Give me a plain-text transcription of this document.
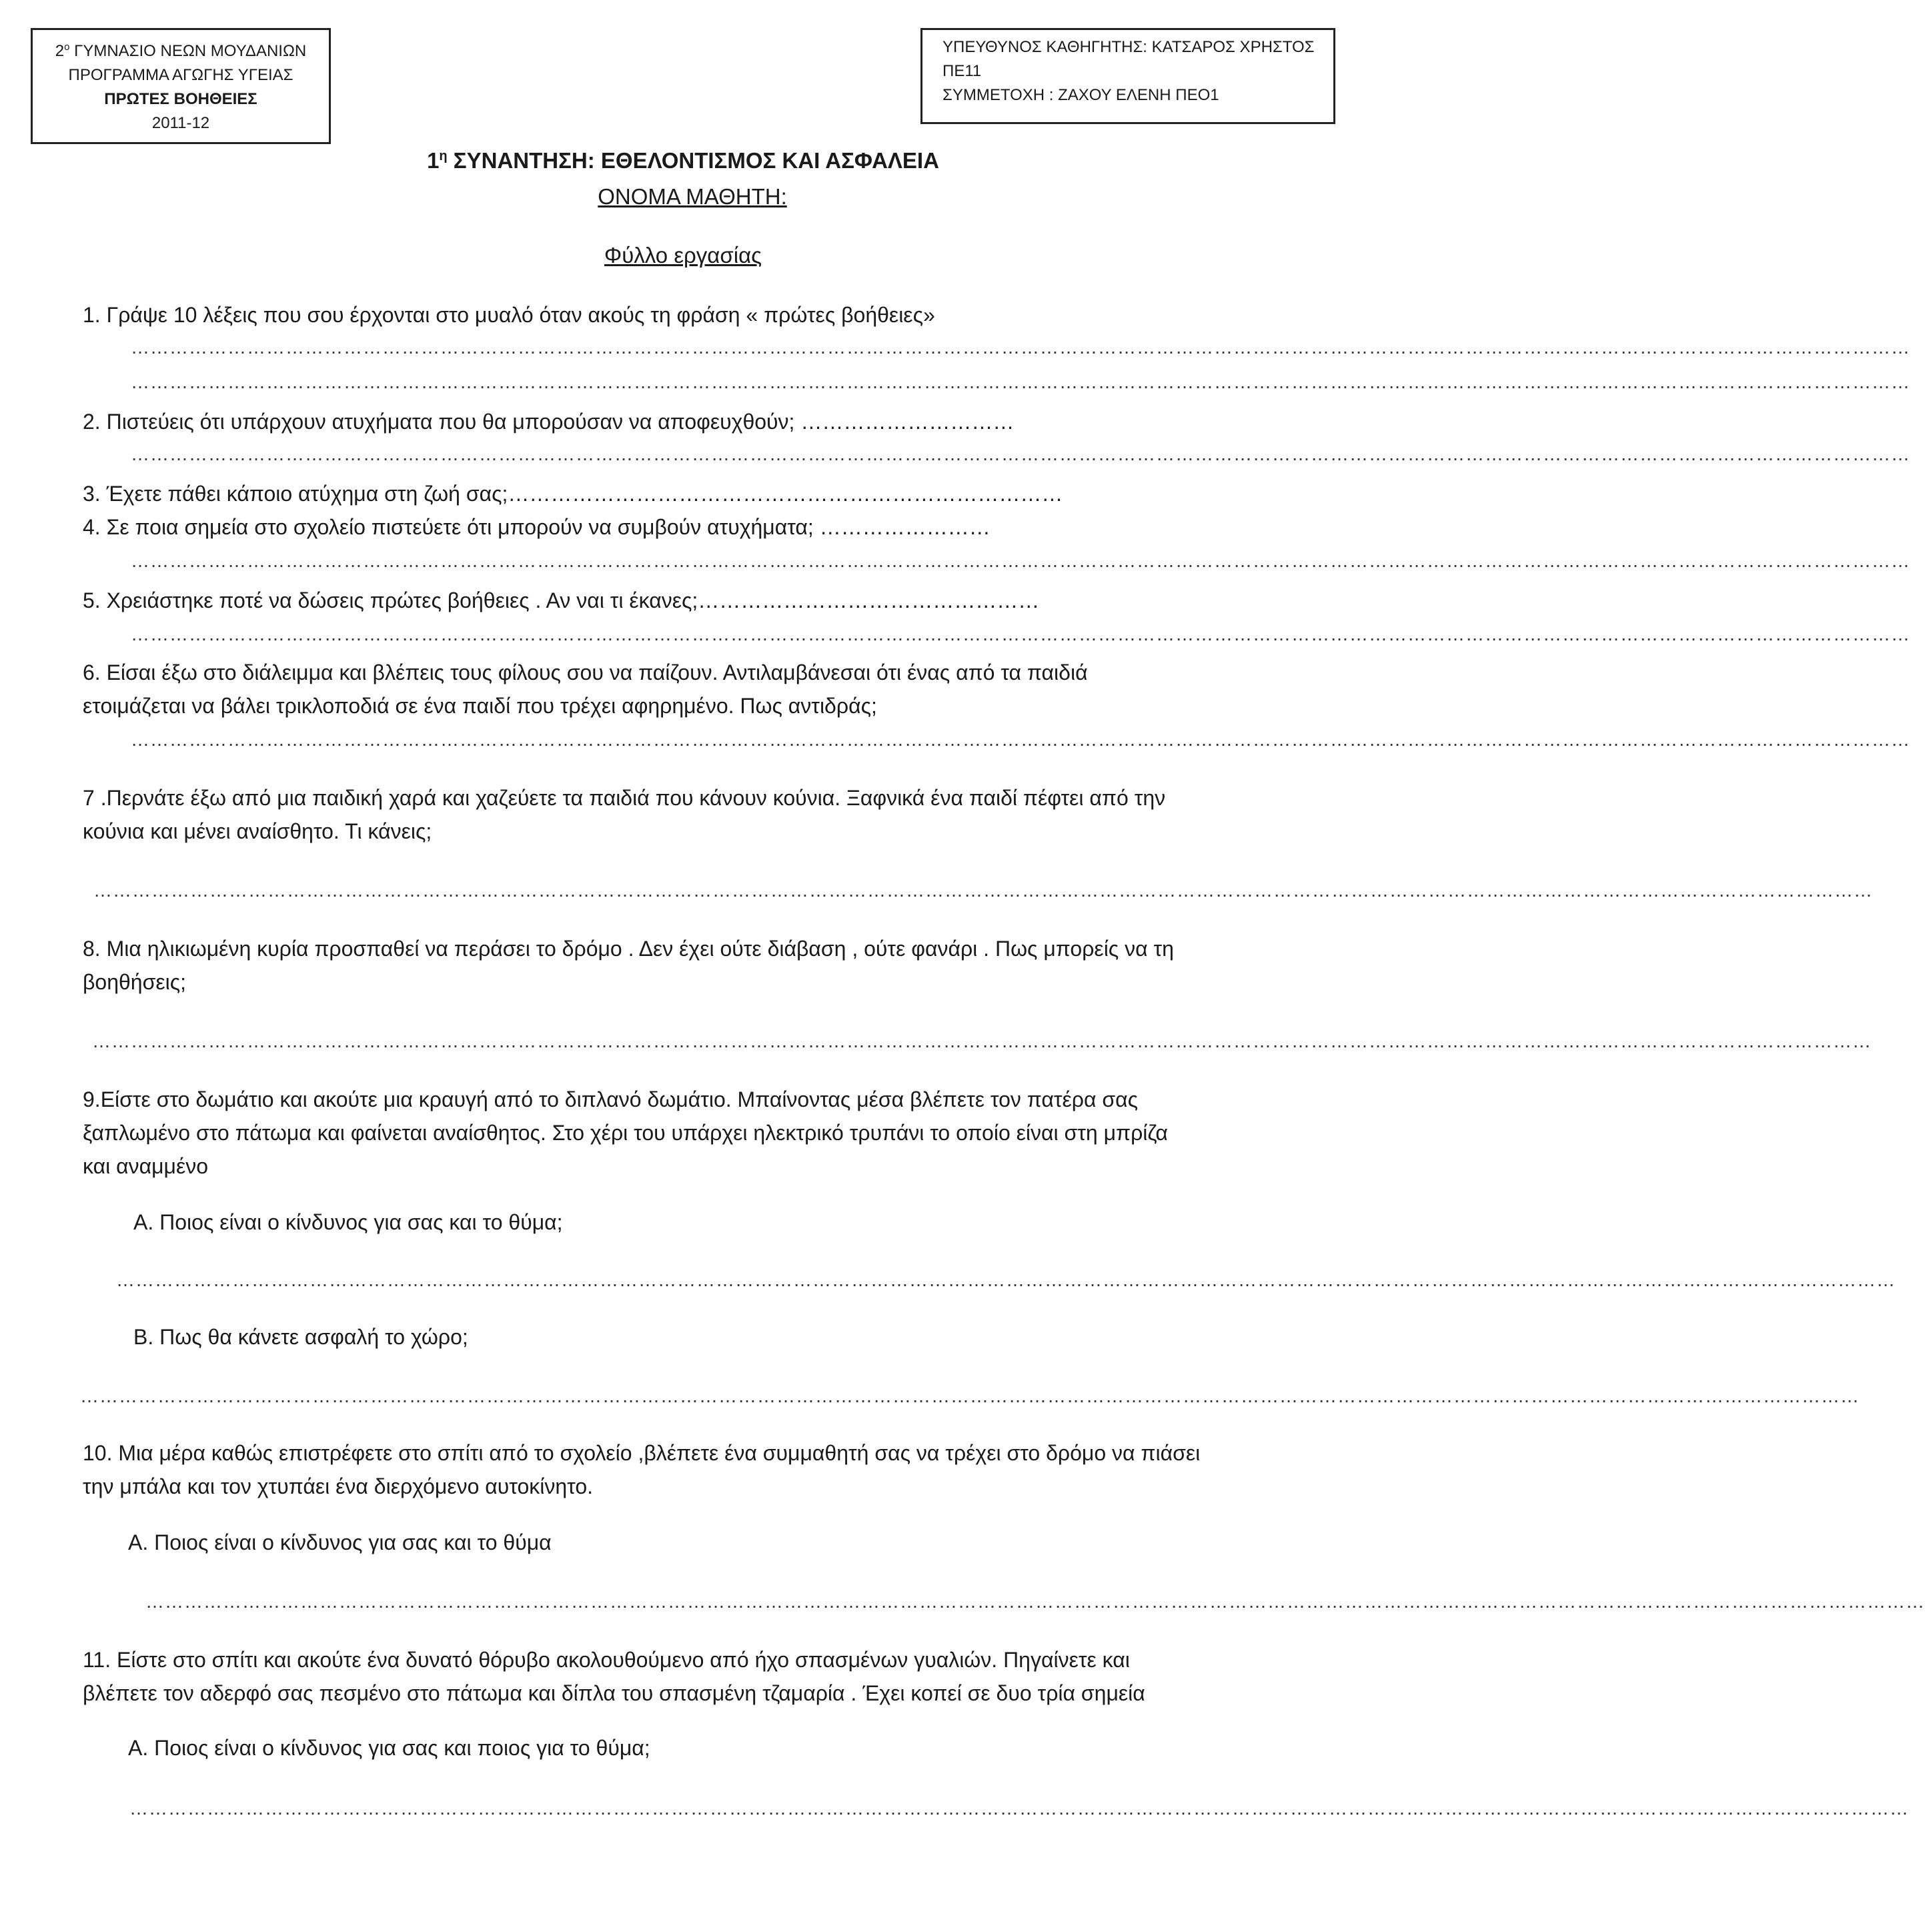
$2^o$ ΓΥΜΝΑΣΙΟ ΝΕΩΝ ΜΟΥΔΑΝΙΩΝ
ΠΡΟΓΡΑΜΜΑ ΑΓΩΓΗΣ ΥΓΕΙΑΣ
ΠΡΩΤΕΣ ΒΟΗΘΕΙΕΣ
2011-12
ΥΠΕΥΘΥΝΟΣ ΚΑΘΗΓΗΤΗΣ: ΚΑΤΣΑΡΟΣ ΧΡΗΣΤΟΣ ΠΕ11
ΣΥΜΜΕΤΟΧΗ : ΖΑΧΟΥ ΕΛΕΝΗ ΠΕΟ1
$1^\eta$ ΣΥΝΑΝΤΗΣΗ: ΕΘΕΛΟΝΤΙΣΜΟΣ ΚΑΙ ΑΣΦΑΛΕΙΑ
ΟΝΟΜΑ ΜΑΘΗΤΗ:
Φύλλο εργασίας
1. Γράψε 10 λέξεις που σου έρχονται στο μυαλό όταν ακούς τη φράση « πρώτες βοήθειες»
……………………………………………………………………………………………………………………………………………………………………………………………………………………………………………………
……………………………………………………………………………………………………………………………………………………………………………………………………………………………………………………
2. Πιστεύεις ότι υπάρχουν ατυχήματα που θα μπορούσαν να αποφευχθούν; …………………………
……………………………………………………………………………………………………………………………………………………………………………………………………………………………………………………
3. Έχετε πάθει κάποιο ατύχημα στη ζωή σας;……………………………………………………………………
4. Σε ποια σημεία στο σχολείο πιστεύετε ότι μπορούν να συμβούν ατυχήματα; ……………………
……………………………………………………………………………………………………………………………………………………………………………………………………………………………………………………
5. Χρειάστηκε ποτέ να δώσεις πρώτες βοήθειες . Αν ναι τι έκανες;…………………………………………
……………………………………………………………………………………………………………………………………………………………………………………………………………………………………………………
6. Είσαι έξω στο διάλειμμα και βλέπεις τους φίλους σου να παίζουν. Αντιλαμβάνεσαι ότι ένας από τα παιδιά
ετοιμάζεται να βάλει τρικλοποδιά σε ένα παιδί που τρέχει αφηρημένο. Πως αντιδράς;
……………………………………………………………………………………………………………………………………………………………………………………………………………………………………………………
7 .Περνάτε έξω από μια παιδική χαρά και χαζεύετε τα παιδιά που κάνουν κούνια. Ξαφνικά ένα παιδί πέφτει από την
κούνια και μένει αναίσθητο. Τι κάνεις;
……………………………………………………………………………………………………………………………………………………………………………………………………………………………………………………
8. Μια ηλικιωμένη κυρία προσπαθεί να περάσει το δρόμο . Δεν έχει ούτε διάβαση , ούτε φανάρι . Πως μπορείς να τη
βοηθήσεις;
……………………………………………………………………………………………………………………………………………………………………………………………………………………………………………………
9.Είστε στο δωμάτιο και ακούτε μια κραυγή από το διπλανό δωμάτιο. Μπαίνοντας μέσα βλέπετε τον πατέρα σας
ξαπλωμένο στο πάτωμα και φαίνεται αναίσθητος. Στο χέρι του υπάρχει ηλεκτρικό τρυπάνι το οποίο είναι στη μπρίζα
και αναμμένο
A. Ποιος είναι ο κίνδυνος για σας και το θύμα;
……………………………………………………………………………………………………………………………………………………………………………………………………………………………………………………
B. Πως θα κάνετε ασφαλή το χώρο;
……………………………………………………………………………………………………………………………………………………………………………………………………………………………………………………
10. Μια μέρα καθώς επιστρέφετε στο σπίτι από το σχολείο ,βλέπετε ένα συμμαθητή σας να τρέχει στο δρόμο να πιάσει
την μπάλα και τον χτυπάει ένα διερχόμενο αυτοκίνητο.
A. Ποιος είναι ο κίνδυνος για σας και το θύμα
……………………………………………………………………………………………………………………………………………………………………………………………………………………………………………………
11. Είστε στο σπίτι και ακούτε ένα δυνατό θόρυβο ακολουθούμενο από ήχο σπασμένων γυαλιών. Πηγαίνετε και
βλέπετε τον αδερφό σας πεσμένο στο πάτωμα και δίπλα του σπασμένη τζαμαρία . Έχει κοπεί σε δυο τρία σημεία
A. Ποιος είναι ο κίνδυνος για σας και ποιος για το θύμα;
……………………………………………………………………………………………………………………………………………………………………………………………………………………………………………………
